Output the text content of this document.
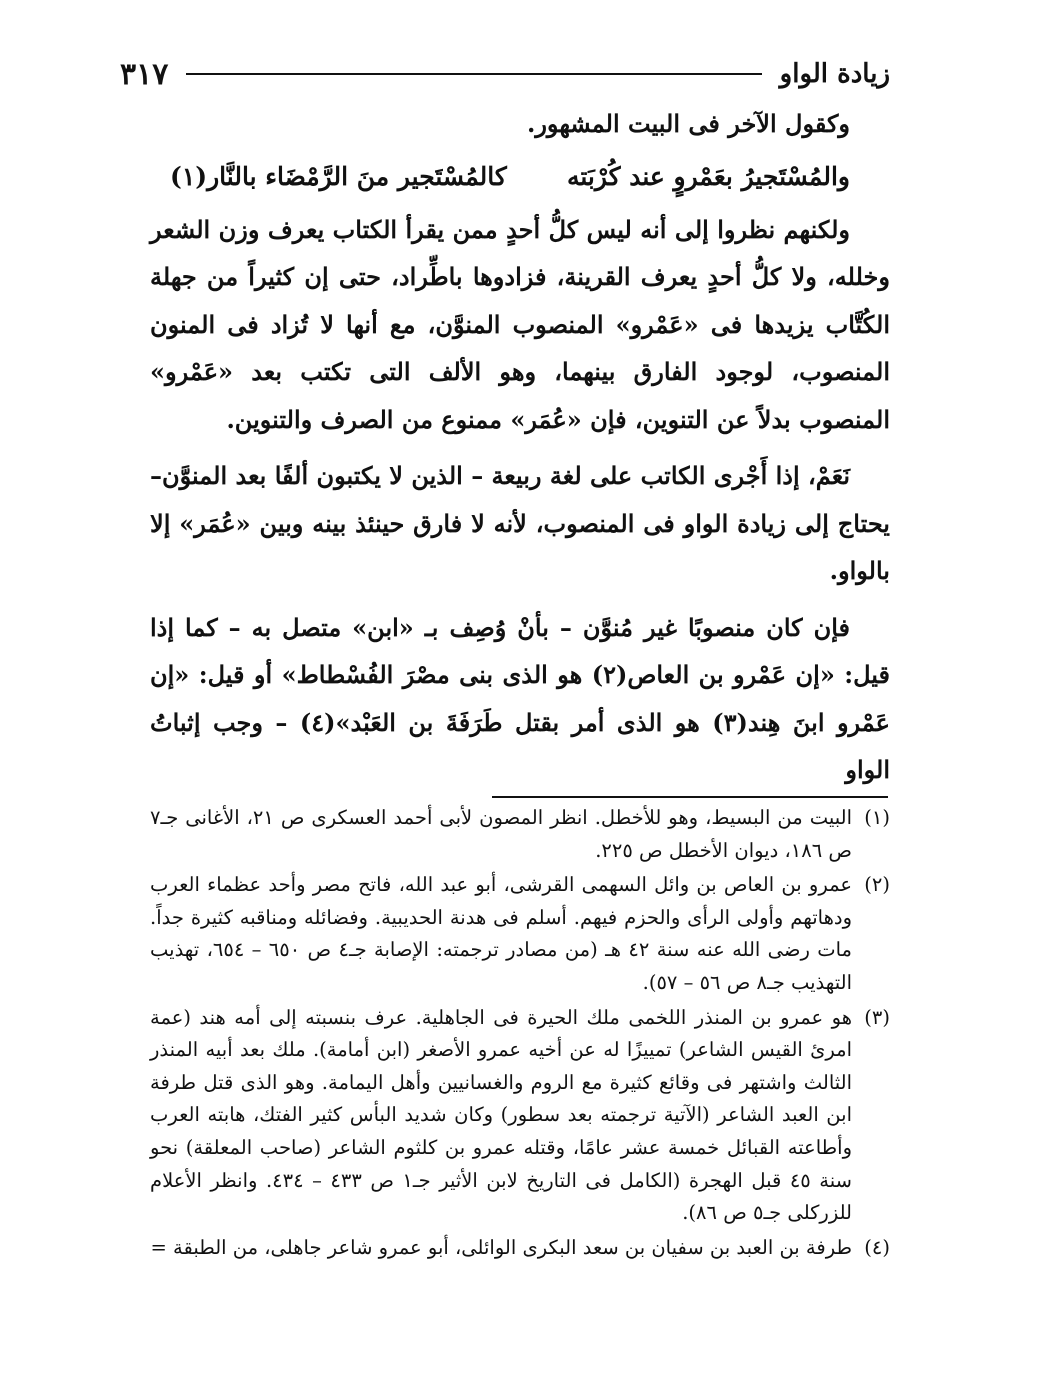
زيادة الواو
٣١٧

وكقول الآخر فى البيت المشهور.

والمُسْتَجيرُ بعَمْروٍ عند كُرْبَته
كالمُسْتَجير منَ الرَّمْضَاء بالنَّار(١)

ولكنهم نظروا إلى أنه ليس كلُّ أحدٍ ممن يقرأ الكتاب يعرف وزن الشعر وخلله، ولا كلُّ أحدٍ يعرف القرينة، فزادوها باطِّراد، حتى إن كثيراً من جهلة الكُتَّاب يزيدها فى «عَمْرو» المنصوب المنوَّن، مع أنها لا تُزاد فى المنون المنصوب، لوجود الفارق بينهما، وهو الألف التى تكتب بعد «عَمْرو» المنصوب بدلاً عن التنوين، فإن «عُمَر» ممنوع من الصرف والتنوين.

نَعَمْ، إذا أَجْرى الكاتب على لغة ربيعة – الذين لا يكتبون ألفًا بعد المنوَّن– يحتاج إلى زيادة الواو فى المنصوب، لأنه لا فارق حينئذ بينه وبين «عُمَر» إلا بالواو.

فإن كان منصوبًا غير مُنوَّن – بأنْ وُصِف بـ «ابن» متصل به – كما إذا قيل: «إن عَمْرو بن العاص(٢) هو الذى بنى مصْرَ الفُسْطاط» أو قيل: «إن عَمْرو ابنَ هِند(٣) هو الذى أمر بقتل طَرَفَةَ بن العَبْد»(٤) – وجب إثباتُ الواو

(١)
البيت من البسيط، وهو للأخطل. انظر المصون لأبى أحمد العسكرى ص ٢١، الأغانى جـ٧ ص ١٨٦، ديوان الأخطل ص ٢٢٥.

(٢)
عمرو بن العاص بن وائل السهمى القرشى، أبو عبد الله، فاتح مصر وأحد عظماء العرب ودهاتهم وأولى الرأى والحزم فيهم. أسلم فى هدنة الحديبية. وفضائله ومناقبه كثيرة جداً. مات رضى الله عنه سنة ٤٢ هـ (من مصادر ترجمته: الإصابة جـ٤ ص ٦٥٠ – ٦٥٤، تهذيب التهذيب جـ٨ ص ٥٦ – ٥٧).

(٣)
هو عمرو بن المنذر اللخمى ملك الحيرة فى الجاهلية. عرف بنسبته إلى أمه هند (عمة امرئ القيس الشاعر) تمييزًا له عن أخيه عمرو الأصغر (ابن أمامة). ملك بعد أبيه المنذر الثالث واشتهر فى وقائع كثيرة مع الروم والغسانيين وأهل اليمامة. وهو الذى قتل طرفة ابن العبد الشاعر (الآتية ترجمته بعد سطور) وكان شديد البأس كثير الفتك، هابته العرب وأطاعته القبائل خمسة عشر عامًا، وقتله عمرو بن كلثوم الشاعر (صاحب المعلقة) نحو سنة ٤٥ قبل الهجرة (الكامل فى التاريخ لابن الأثير جـ١ ص ٤٣٣ – ٤٣٤. وانظر الأعلام للزركلى جـ٥ ص ٨٦).

(٤)
طرفة بن العبد بن سفيان بن سعد البكرى الوائلى، أبو عمرو شاعر جاهلى، من الطبقة =
